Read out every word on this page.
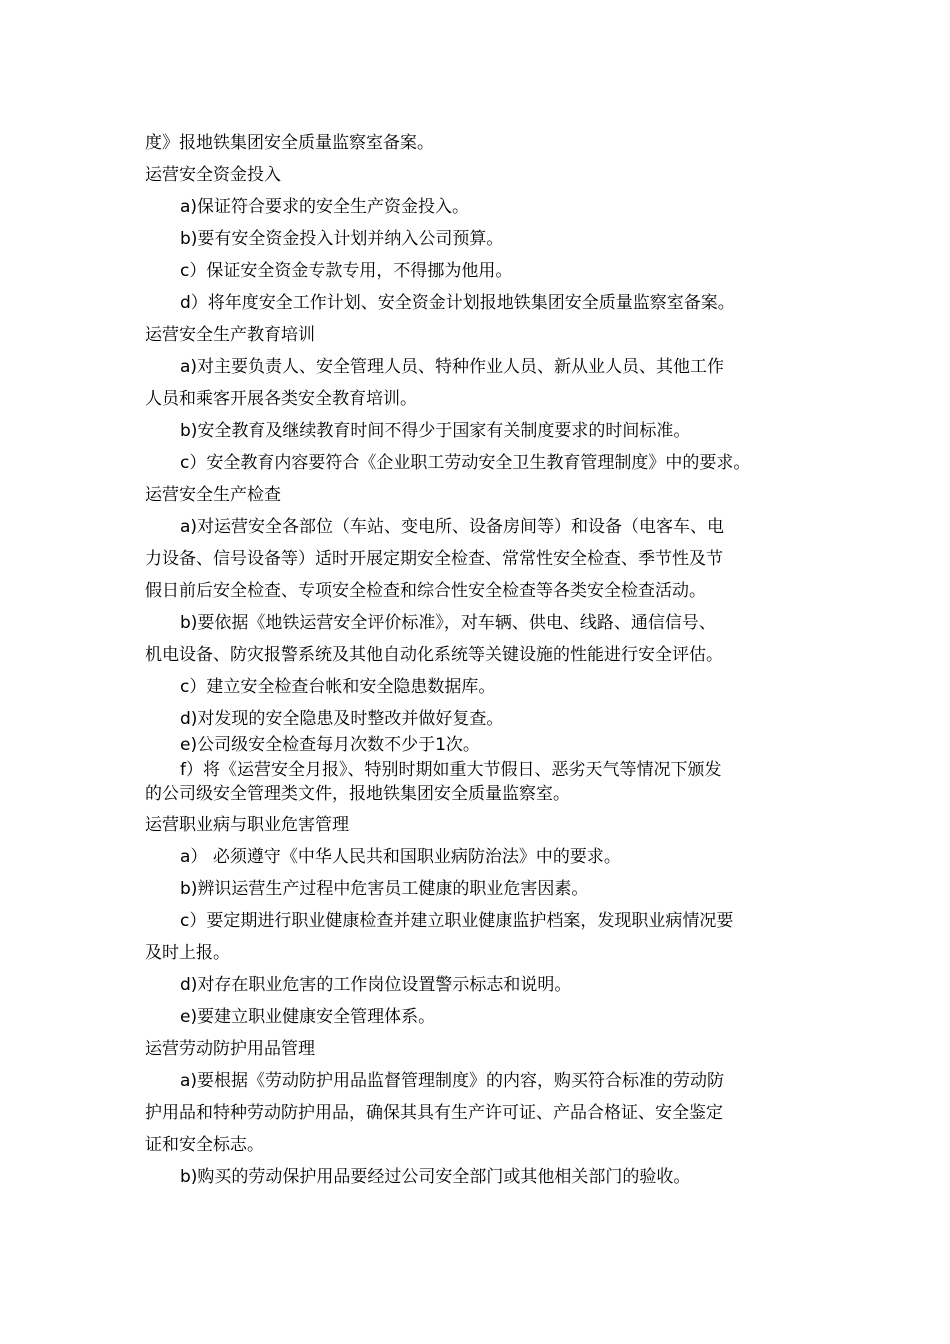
度》报地铁集团安全质量监察室备案。
运营安全资金投入
a)保证符合要求的安全生产资金投入。
b)要有安全资金投入计划并纳入公司预算。
c）保证安全资金专款专用，不得挪为他用。
d）将年度安全工作计划、安全资金计划报地铁集团安全质量监察室备案。
运营安全生产教育培训
a)对主要负责人、安全管理人员、特种作业人员、新从业人员、其他工作
人员和乘客开展各类安全教育培训。
b)安全教育及继续教育时间不得少于国家有关制度要求的时间标准。
c）安全教育内容要符合《企业职工劳动安全卫生教育管理制度》中的要求。
运营安全生产检查
a)对运营安全各部位（车站、变电所、设备房间等）和设备（电客车、电
力设备、信号设备等）适时开展定期安全检查、常常性安全检查、季节性及节
假日前后安全检查、专项安全检查和综合性安全检查等各类安全检查活动。
b)要依据《地铁运营安全评价标准》，对车辆、供电、线路、通信信号、
机电设备、防灾报警系统及其他自动化系统等关键设施的性能进行安全评估。
c）建立安全检查台帐和安全隐患数据库。
d)对发现的安全隐患及时整改并做好复查。
e)公司级安全检查每月次数不少于1次。
f）将《运营安全月报》、特别时期如重大节假日、恶劣天气等情况下颁发
的公司级安全管理类文件，报地铁集团安全质量监察室。
运营职业病与职业危害管理
a） 必须遵守《中华人民共和国职业病防治法》中的要求。
b)辨识运营生产过程中危害员工健康的职业危害因素。
c）要定期进行职业健康检查并建立职业健康监护档案，发现职业病情况要
及时上报。
d)对存在职业危害的工作岗位设置警示标志和说明。
e)要建立职业健康安全管理体系。
运营劳动防护用品管理
a)要根据《劳动防护用品监督管理制度》的内容，购买符合标准的劳动防
护用品和特种劳动防护用品，确保其具有生产许可证、产品合格证、安全鉴定
证和安全标志。
b)购买的劳动保护用品要经过公司安全部门或其他相关部门的验收。
